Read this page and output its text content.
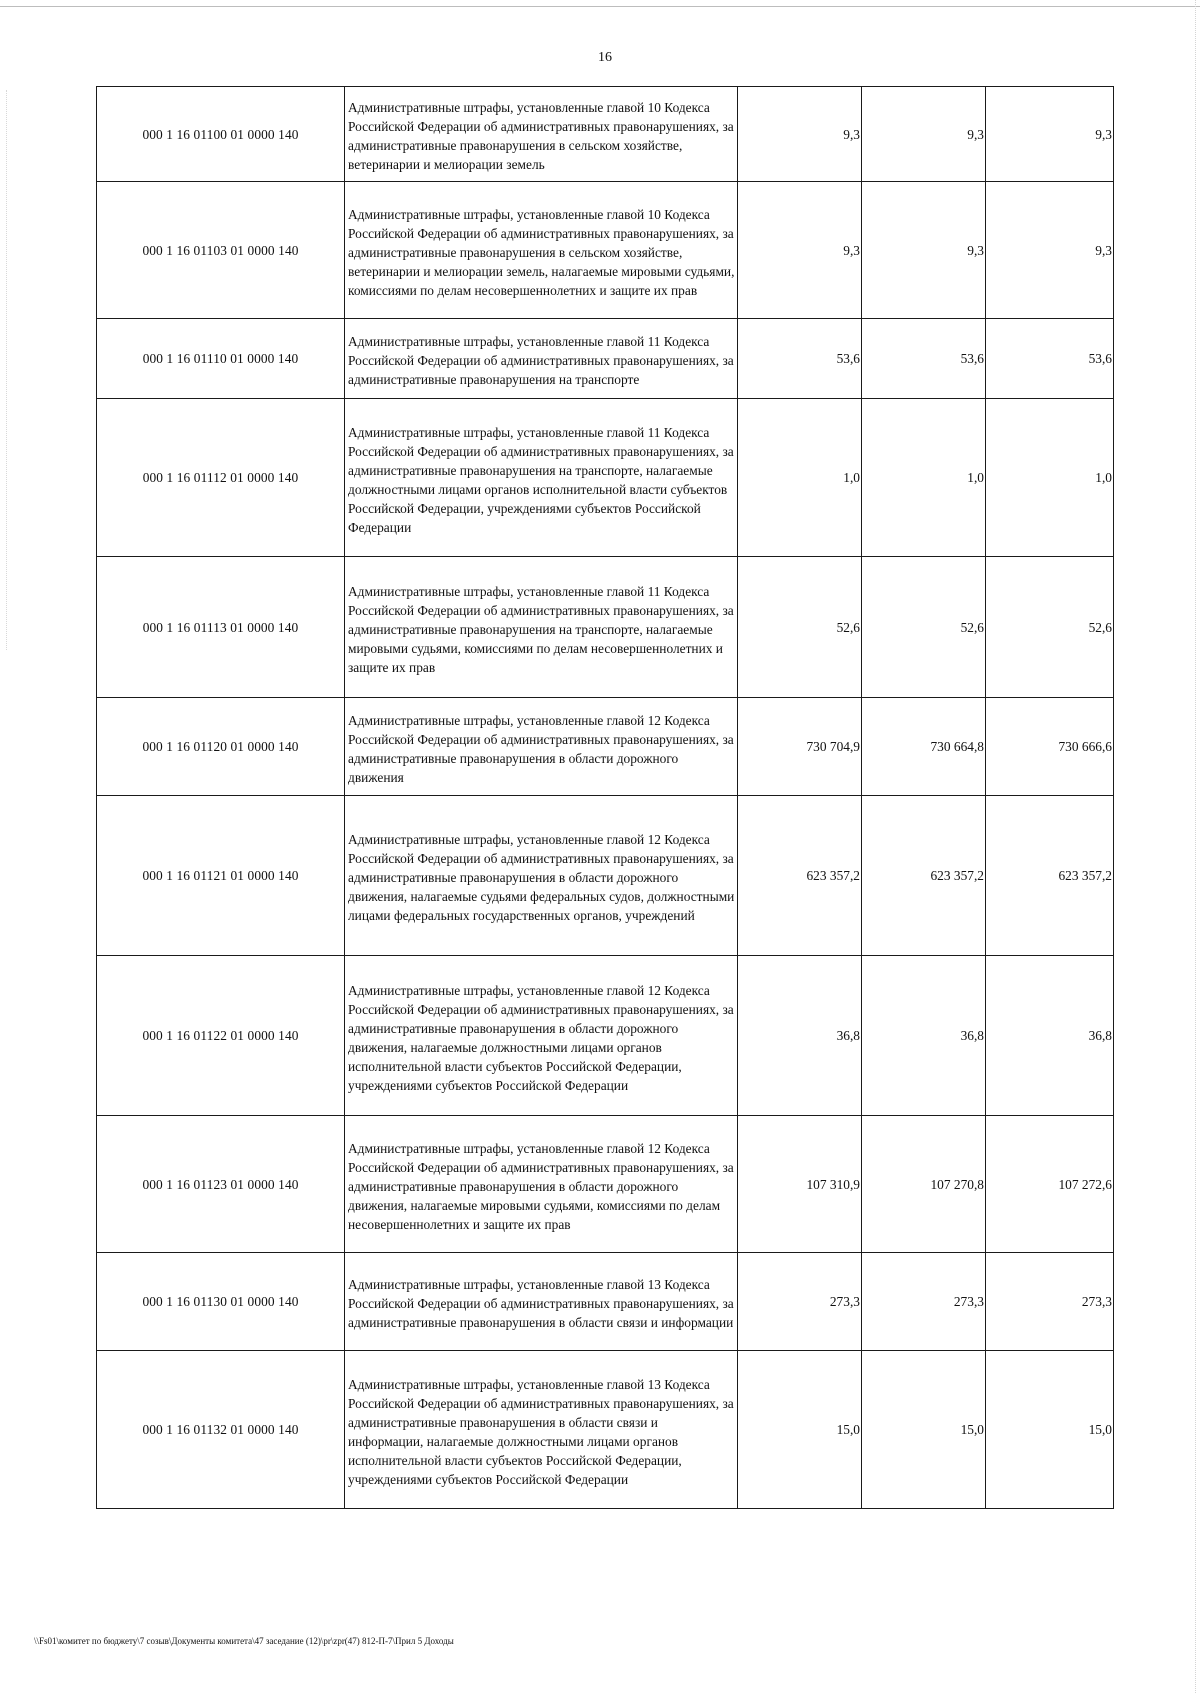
16
000 1 16 01100 01 0000 140	Административные штрафы, установленные главой 10 Кодекса Российской Федерации об административных правонарушениях, за административные правонарушения в сельском хозяйстве, ветеринарии и мелиорации земель	9,3	9,3	9,3
000 1 16 01103 01 0000 140	Административные штрафы, установленные главой 10 Кодекса Российской Федерации об административных правонарушениях, за административные правонарушения в сельском хозяйстве, ветеринарии и мелиорации земель, налагаемые мировыми судьями, комиссиями по делам несовершеннолетних и защите их прав	9,3	9,3	9,3
000 1 16 01110 01 0000 140	Административные штрафы, установленные главой 11 Кодекса Российской Федерации об административных правонарушениях, за административные правонарушения на транспорте	53,6	53,6	53,6
000 1 16 01112 01 0000 140	Административные штрафы, установленные главой 11 Кодекса Российской Федерации об административных правонарушениях, за административные правонарушения на транспорте, налагаемые должностными лицами органов исполнительной власти субъектов Российской Федерации, учреждениями субъектов Российской Федерации	1,0	1,0	1,0
000 1 16 01113 01 0000 140	Административные штрафы, установленные главой 11 Кодекса Российской Федерации об административных правонарушениях, за административные правонарушения на транспорте, налагаемые мировыми судьями, комиссиями по делам несовершеннолетних и защите их прав	52,6	52,6	52,6
000 1 16 01120 01 0000 140	Административные штрафы, установленные главой 12 Кодекса Российской Федерации об административных правонарушениях, за административные правонарушения в области дорожного движения	730 704,9	730 664,8	730 666,6
000 1 16 01121 01 0000 140	Административные штрафы, установленные главой 12 Кодекса Российской Федерации об административных правонарушениях, за административные правонарушения в области дорожного движения, налагаемые судьями федеральных судов, должностными лицами федеральных государственных органов, учреждений	623 357,2	623 357,2	623 357,2
000 1 16 01122 01 0000 140	Административные штрафы, установленные главой 12 Кодекса Российской Федерации об административных правонарушениях, за административные правонарушения в области дорожного движения, налагаемые должностными лицами органов исполнительной власти субъектов Российской Федерации, учреждениями субъектов Российской Федерации	36,8	36,8	36,8
000 1 16 01123 01 0000 140	Административные штрафы, установленные главой 12 Кодекса Российской Федерации об административных правонарушениях, за административные правонарушения в области дорожного движения, налагаемые мировыми судьями, комиссиями по делам несовершеннолетних и защите их прав	107 310,9	107 270,8	107 272,6
000 1 16 01130 01 0000 140	Административные штрафы, установленные главой 13 Кодекса Российской Федерации об административных правонарушениях, за административные правонарушения в области связи и информации	273,3	273,3	273,3
000 1 16 01132 01 0000 140	Административные штрафы, установленные главой 13 Кодекса Российской Федерации об административных правонарушениях, за административные правонарушения в области связи и информации, налагаемые должностными лицами органов исполнительной власти субъектов Российской Федерации, учреждениями субъектов Российской Федерации	15,0	15,0	15,0
\\Fs01\комитет по бюджету\7 созыв\Документы комитета\47 заседание (12)\pr\zpr(47) 812-П-7\Прил 5 Доходы
